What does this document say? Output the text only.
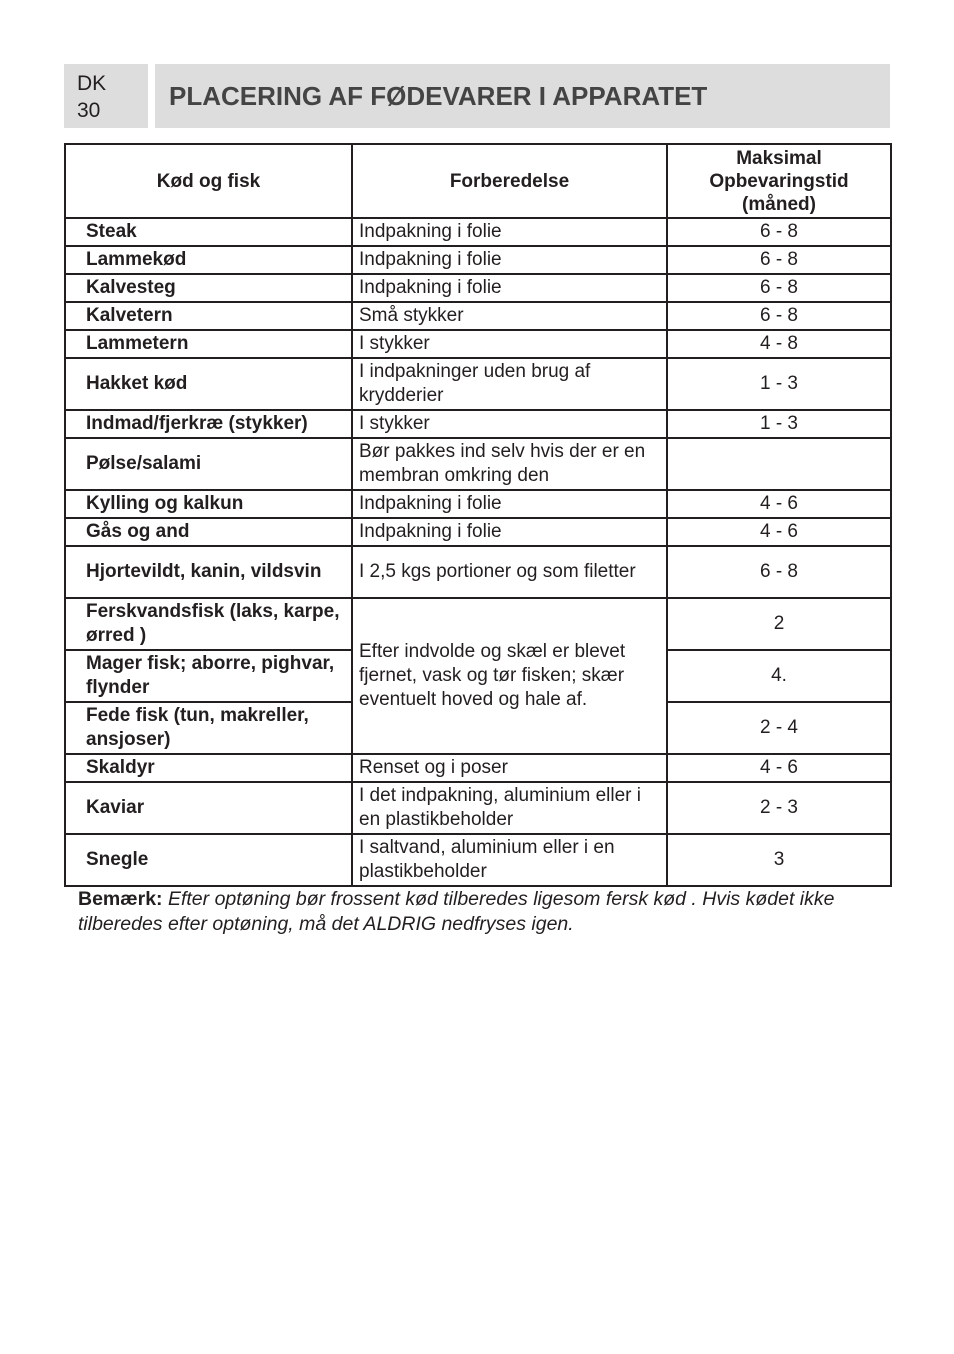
DK
30	PLACERING AF FØDEVARER I APPARATET
Kød og fisk	Forberedelse	Maksimal Opbevaringstid (måned)
Steak	Indpakning i folie	6 - 8
Lammekød	Indpakning i folie	6 - 8
Kalvesteg	Indpakning i folie	6 - 8
Kalvetern	Små stykker	6 - 8
Lammetern	I stykker	4 - 8
Hakket kød	I indpakninger uden brug af krydderier	1 - 3
Indmad/fjerkræ (stykker)	I stykker	1 - 3
Pølse/salami	Bør pakkes ind selv hvis der er en membran omkring den	
Kylling og kalkun	Indpakning i folie	4 - 6
Gås og and	Indpakning i folie	4 - 6
Hjortevildt, kanin, vildsvin	I 2,5 kgs portioner og som filetter	6 - 8
Ferskvandsfisk (laks, karpe, ørred )	Efter indvolde og skæl er blevet fjernet, vask og tør fisken; skær eventuelt hoved og hale af.	2
Mager fisk; aborre, pighvar, flynder		4.
Fede fisk (tun, makreller, ansjoser)		2 - 4
Skaldyr	Renset og i poser	4 - 6
Kaviar	I det indpakning, aluminium eller i en plastikbeholder	2 - 3
Snegle	I saltvand, aluminium eller i en plastikbeholder	3
Bemærk: Efter optøning bør frossent kød tilberedes ligesom fersk kød . Hvis kødet ikke tilberedes efter optøning, må det ALDRIG nedfryses igen.
